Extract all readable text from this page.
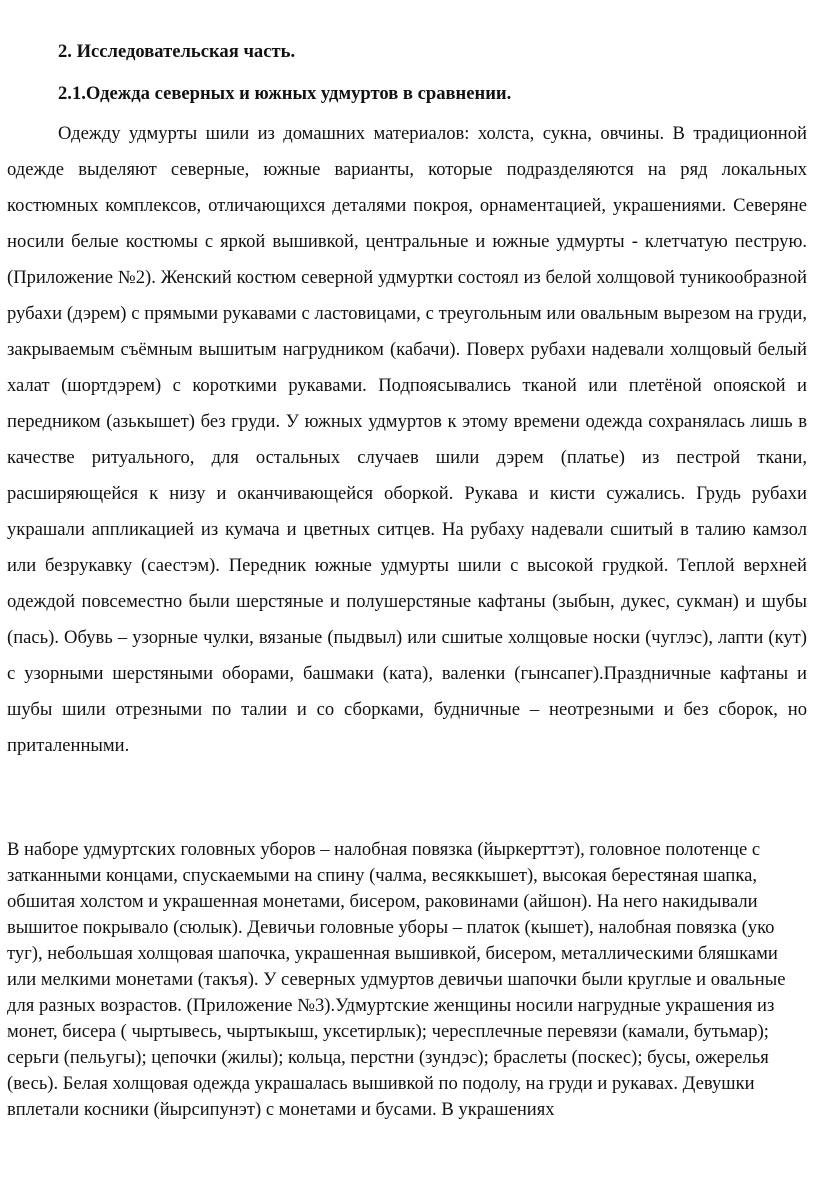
2. Исследовательская часть.
2.1.Одежда северных и южных удмуртов в сравнении.

Одежду удмурты шили из домашних материалов: холста, сукна, овчины. В традиционной одежде выделяют северные, южные варианты, которые подразделяются на ряд локальных костюмных комплексов, отличающихся деталями покроя, орнаментацией, украшениями. Северяне носили белые костюмы с яркой вышивкой, центральные и южные удмурты - клетчатую пеструю. (Приложение №2). Женский костюм северной удмуртки состоял из белой холщовой туникообразной рубахи (дэрем) с прямыми рукавами с ластовицами, с треугольным или овальным вырезом на груди, закрываемым съёмным вышитым нагрудником (кабачи). Поверх рубахи надевали холщовый белый халат (шортдэрем) с короткими рукавами. Подпоясывались тканой или плетёной опояской и передником (азькышет) без груди. У южных удмуртов к этому времени одежда сохранялась лишь в качестве ритуального, для остальных случаев шили дэрем (платье) из пестрой ткани, расширяющейся к низу и оканчивающейся оборкой. Рукава и кисти сужались. Грудь рубахи украшали аппликацией из кумача и цветных ситцев. На рубаху надевали сшитый в талию камзол или безрукавку (саестэм). Передник южные удмурты шили с высокой грудкой. Теплой верхней одеждой повсеместно были шерстяные и полушерстяные кафтаны (зыбын, дукес, сукман) и шубы (пась). Обувь – узорные чулки, вязаные (пыдвыл) или сшитые холщовые носки (чуглэс), лапти (кут) с узорными шерстяными оборами, башмаки (ката), валенки (гынсапег).Праздничные кафтаны и шубы шили отрезными по талии и со сборками, будничные – неотрезными и без сборок, но приталенными.

В наборе удмуртских головных уборов – налобная повязка (йыркерттэт), головное полотенце с затканными концами, спускаемыми на спину (чалма, весяккышет), высокая берестяная шапка, обшитая холстом и украшенная монетами, бисером, раковинами (айшон). На него накидывали вышитое покрывало (сюлык). Девичьи головные уборы – платок (кышет), налобная повязка (уко туг), небольшая холщовая шапочка, украшенная вышивкой, бисером, металлическими бляшками или мелкими монетами (такъя). У северных удмуртов девичьи шапочки были круглые и овальные для разных возрастов. (Приложение №3).Удмуртские женщины носили нагрудные украшения из монет, бисера ( чыртывесь, чыртыкыш, уксетирлык); чересплечные перевязи (камали, бутьмар); серьги (пельугы); цепочки (жилы); кольца, перстни (зундэс); браслеты (поскес); бусы, ожерелья (весь). Белая холщовая одежда украшалась вышивкой по подолу, на груди и рукавах. Девушки вплетали косники (йырсипунэт) с монетами и бусами. В украшениях
